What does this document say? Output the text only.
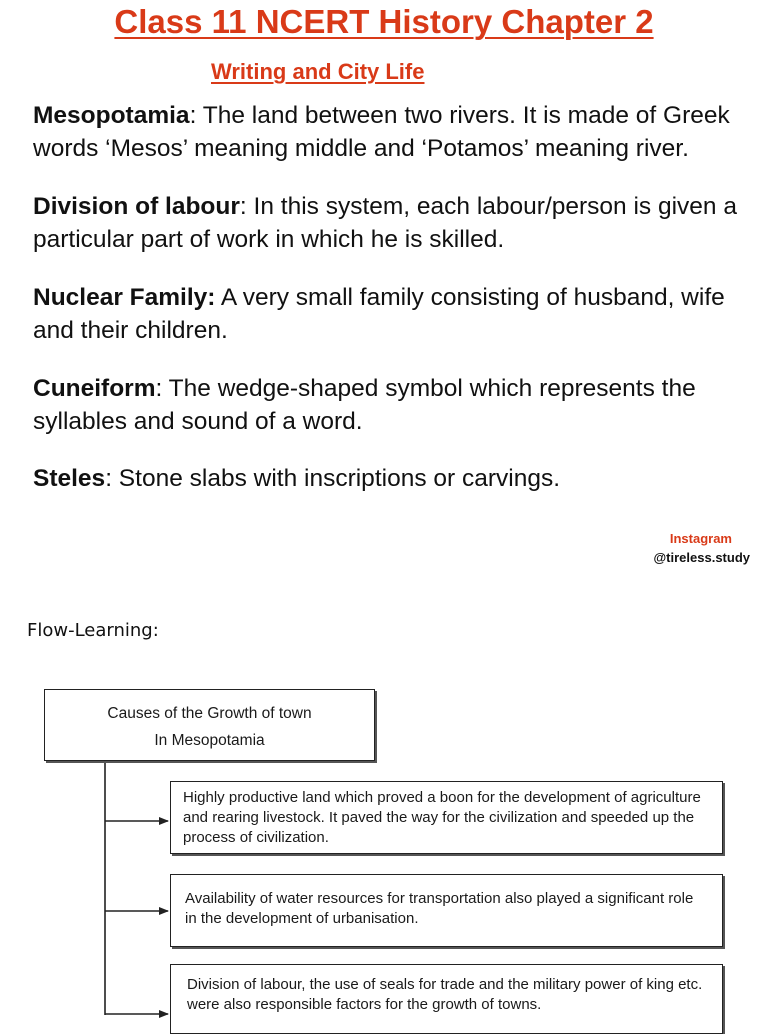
Class 11 NCERT History Chapter 2
Writing and City Life

Mesopotamia: The land between two rivers. It is made of Greek words ‘Mesos’ meaning middle and ‘Potamos’ meaning river.

Division of labour: In this system, each labour/person is given a particular part of work in which he is skilled.

Nuclear Family: A very small family consisting of husband, wife and their children.

Cuneiform: The wedge-shaped symbol which represents the syllables and sound of a word.

Steles: Stone slabs with inscriptions or carvings.

Instagram
@tireless.study
Flow-Learning:
Causes of the Growth of town
In Mesopotamia
Highly productive land which proved a boon for the development of agriculture and rearing livestock. It paved the way for the civilization and speeded up the process of civilization.
Availability of water resources for transportation also played a significant role in the development of urbanisation.
Division of labour, the use of seals for trade and the military power of king etc. were also responsible factors for the growth of towns.
